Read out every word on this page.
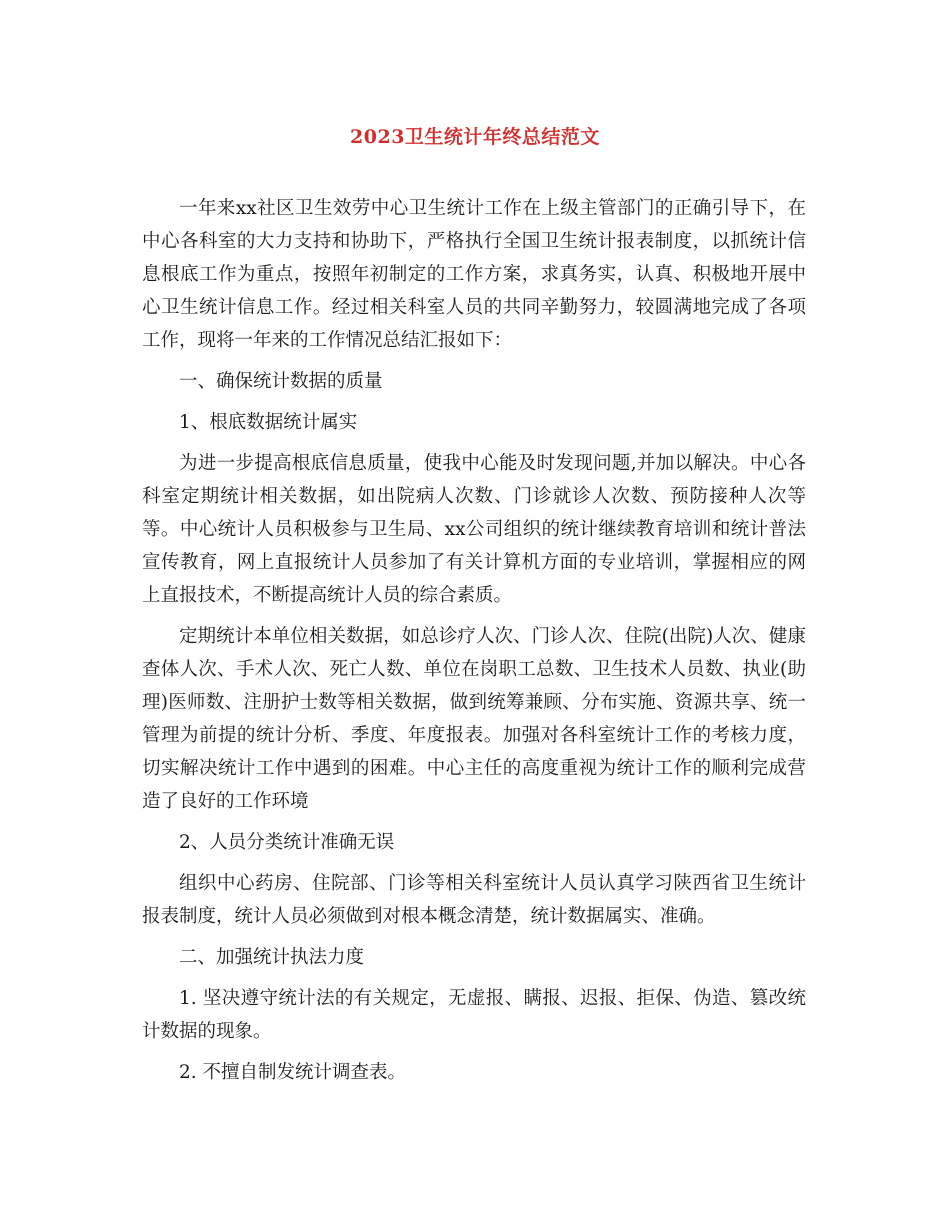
2023卫生统计年终总结范文

一年来xx社区卫生效劳中心卫生统计工作在上级主管部门的正确引导下，在中心各科室的大力支持和协助下，严格执行全国卫生统计报表制度，以抓统计信息根底工作为重点，按照年初制定的工作方案，求真务实，认真、积极地开展中心卫生统计信息工作。经过相关科室人员的共同辛勤努力，较圆满地完成了各项工作，现将一年来的工作情况总结汇报如下：

一、确保统计数据的质量

1、根底数据统计属实

为进一步提高根底信息质量，使我中心能及时发现问题,并加以解决。中心各科室定期统计相关数据，如出院病人次数、门诊就诊人次数、预防接种人次等等。中心统计人员积极参与卫生局、xx公司组织的统计继续教育培训和统计普法宣传教育，网上直报统计人员参加了有关计算机方面的专业培训，掌握相应的网上直报技术，不断提高统计人员的综合素质。

定期统计本单位相关数据，如总诊疗人次、门诊人次、住院(出院)人次、健康查体人次、手术人次、死亡人数、单位在岗职工总数、卫生技术人员数、执业(助理)医师数、注册护士数等相关数据，做到统筹兼顾、分布实施、资源共享、统一管理为前提的统计分析、季度、年度报表。加强对各科室统计工作的考核力度，切实解决统计工作中遇到的困难。中心主任的高度重视为统计工作的顺利完成营造了良好的工作环境

2、人员分类统计准确无误

组织中心药房、住院部、门诊等相关科室统计人员认真学习陕西省卫生统计报表制度，统计人员必须做到对根本概念清楚，统计数据属实、准确。

二、加强统计执法力度

1. 坚决遵守统计法的有关规定，无虚报、瞒报、迟报、拒保、伪造、篡改统计数据的现象。

2. 不擅自制发统计调查表。
